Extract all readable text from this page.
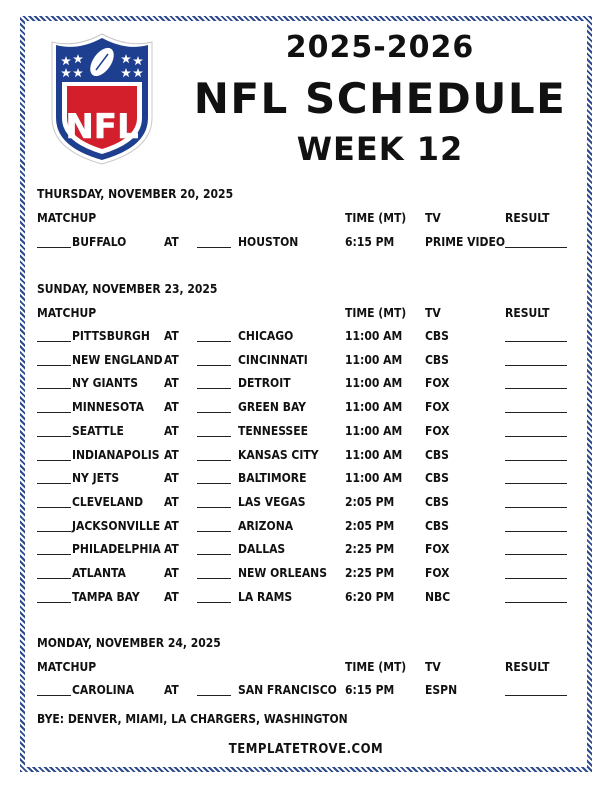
NFL
2025-2026
NFL SCHEDULE
WEEK 12
THURSDAY, NOVEMBER 20, 2025
MATCHUP	TIME (MT) TV	RESULT
BUFFALO	AT	HOUSTON	6:15 PM	PRIME VIDEO
SUNDAY, NOVEMBER 23, 2025
MATCHUP	TIME (MT) TV	RESULT
PITTSBURGH AT	CHICAGO	11:00 AM CBS
NEW ENGLAND AT	CINCINNATI	11:00 AM CBS
NY GIANTS AT	DETROIT	11:00 AM FOX
MINNESOTA AT	GREEN BAY	11:00 AM FOX
SEATTLE	AT	TENNESSEE	11:00 AM FOX
INDIANAPOLIS AT	KANSAS CITY 11:00 AM CBS
NY JETS	AT	BALTIMORE	11:00 AM CBS
CLEVELAND AT	LAS VEGAS	2:05 PM	CBS
JACKSONVILLE AT	ARIZONA	2:05 PM	CBS
PHILADELPHIA AT	DALLAS	2:25 PM	FOX
ATLANTA	AT	NEW ORLEANS 2:25 PM	FOX
TAMPA BAY AT	LA RAMS	6:20 PM	NBC
MONDAY, NOVEMBER 24, 2025
MATCHUP	TIME (MT) TV	RESULT
CAROLINA AT	SAN FRANCISCO 6:15 PM	ESPN
BYE: DENVER, MIAMI, LA CHARGERS, WASHINGTON
TEMPLATETROVE.COM
